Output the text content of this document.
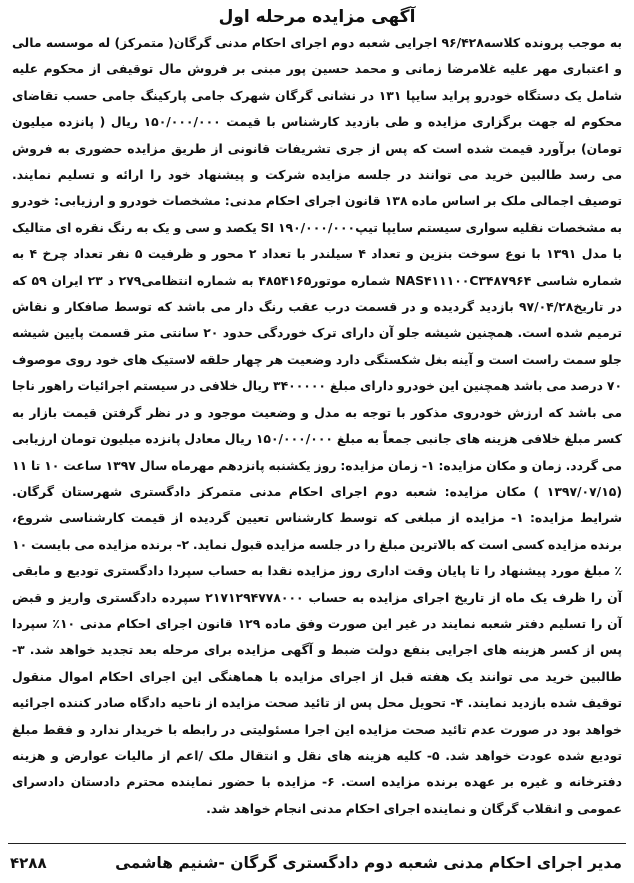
آگهی مزایده مرحله اول

به موجب پرونده کلاسه۹۶/۴۲۸ اجرایی شعبه دوم اجرای احکام مدنی گرگان( متمرکز) له موسسه مالی و اعتباری مهر علیه غلامرضا زمانی و محمد حسین پور مبنی بر فروش مال توقیفی از محکوم علیه شامل یک دستگاه خودرو پراید سایپا ۱۳۱ در نشانی گرگان شهرک جامی پارکینگ جامی حسب تقاضای محکوم له جهت برگزاری مزایده و طی بازدید کارشناس با قیمت ۱۵۰/۰۰۰/۰۰۰ ریال ( پانزده میلیون تومان) برآورد قیمت شده است که پس از جری تشریفات قانونی از طریق مزایده حضوری به فروش می رسد طالبین خرید می توانند در جلسه مزایده شرکت و پیشنهاد خود را ارائه و تسلیم نمایند. توصیف اجمالی ملک بر اساس ماده ۱۳۸ قانون اجرای احکام مدنی: مشخصات خودرو و ارزیابی: خودرو به مشخصات نقلیه سواری سیستم سایپا تیپ۱۹۰/۰۰۰/۰۰۰ SI یکصد و سی و یک به رنگ نقره ای متالیک با مدل ۱۳۹۱ با نوع سوخت بنزین و تعداد ۴ سیلندر با تعداد ۲ محور و ظرفیت ۵ نفر تعداد چرخ ۴ به شماره شاسی NAS۴۱۱۱۰۰C۳۴۸۷۹۶۴ شماره موتور۴۸۵۴۱۶۵ به شماره انتظامی۲۷۹ د ۲۳ ایران ۵۹ که در تاریخ۹۷/۰۴/۲۸ بازدید گردیده و در قسمت درب عقب رنگ دار می باشد که توسط صافکار و نقاش ترمیم شده است. همچنین شیشه جلو آن دارای ترک خوردگی حدود ۲۰ سانتی متر قسمت پایین شیشه جلو سمت راست است و آینه بغل شکستگی دارد وضعیت هر چهار حلقه لاستیک های خود روی موصوف ۷۰ درصد می باشد همچنین این خودرو دارای مبلغ ۳۴۰۰۰۰۰ ریال خلافی در سیستم اجرائیات راهور ناجا می باشد که ارزش خودروی مذکور با توجه به مدل و وضعیت موجود و در نظر گرفتن قیمت بازار به کسر مبلغ خلافی هزینه های جانبی جمعاً به مبلغ ۱۵۰/۰۰۰/۰۰۰ ریال معادل پانزده میلیون تومان ارزیابی می گردد. زمان و مکان مزایده: ۱- زمان مزایده: روز یکشنبه پانزدهم مهرماه سال ۱۳۹۷ ساعت ۱۰ تا ۱۱ (۱۳۹۷/۰۷/۱۵ ) مکان مزایده: شعبه دوم اجرای احکام مدنی متمرکز دادگستری شهرستان گرگان. شرایط مزایده: ۱- مزایده از مبلغی که توسط کارشناس تعیین گردیده از قیمت کارشناسی شروع، برنده مزایده کسی است که بالاترین مبلغ را در جلسه مزایده قبول نماید. ۲- برنده مزایده می بایست ۱۰ ٪ مبلغ مورد پیشنهاد را تا پایان وقت اداری روز مزایده نقدا به حساب سپردا دادگستری تودیع و مابقی آن را ظرف یک ماه از تاریخ اجرای مزایده به حساب ۲۱۷۱۲۹۴۷۷۸۰۰۰ سپرده دادگستری واریز و قبض آن را تسلیم دفتر شعبه نمایند در غیر این صورت وفق ماده ۱۲۹ قانون اجرای احکام مدنی ۱۰٪ سپردا پس از کسر هزینه های اجرایی بنفع دولت ضبط و آگهی مزایده برای مرحله بعد تجدید خواهد شد. ۳- طالبین خرید می توانند یک هفته قبل از اجرای مزایده با هماهنگی این اجرای احکام اموال منقول توقیف شده بازدید نمایند. ۴- تحویل محل پس از تائید صحت مزایده از ناحیه دادگاه صادر کننده اجرائیه خواهد بود در صورت عدم تائید صحت مزایده این اجرا مسئولیتی در رابطه با خریدار ندارد و فقط مبلغ تودیع شده عودت خواهد شد. ۵- کلیه هزینه های نقل و انتقال ملک /اعم از مالیات عوارض و هزینه دفترخانه و غیره بر عهده برنده مزایده است. ۶- مزایده با حضور نماینده محترم دادستان دادسرای عمومی و انقلاب گرگان و نماینده اجرای احکام مدنی انجام خواهد شد.

مدیر اجرای احکام مدنی شعبه دوم دادگستری گرگان -شنیم هاشمی
۴۲۸۸
